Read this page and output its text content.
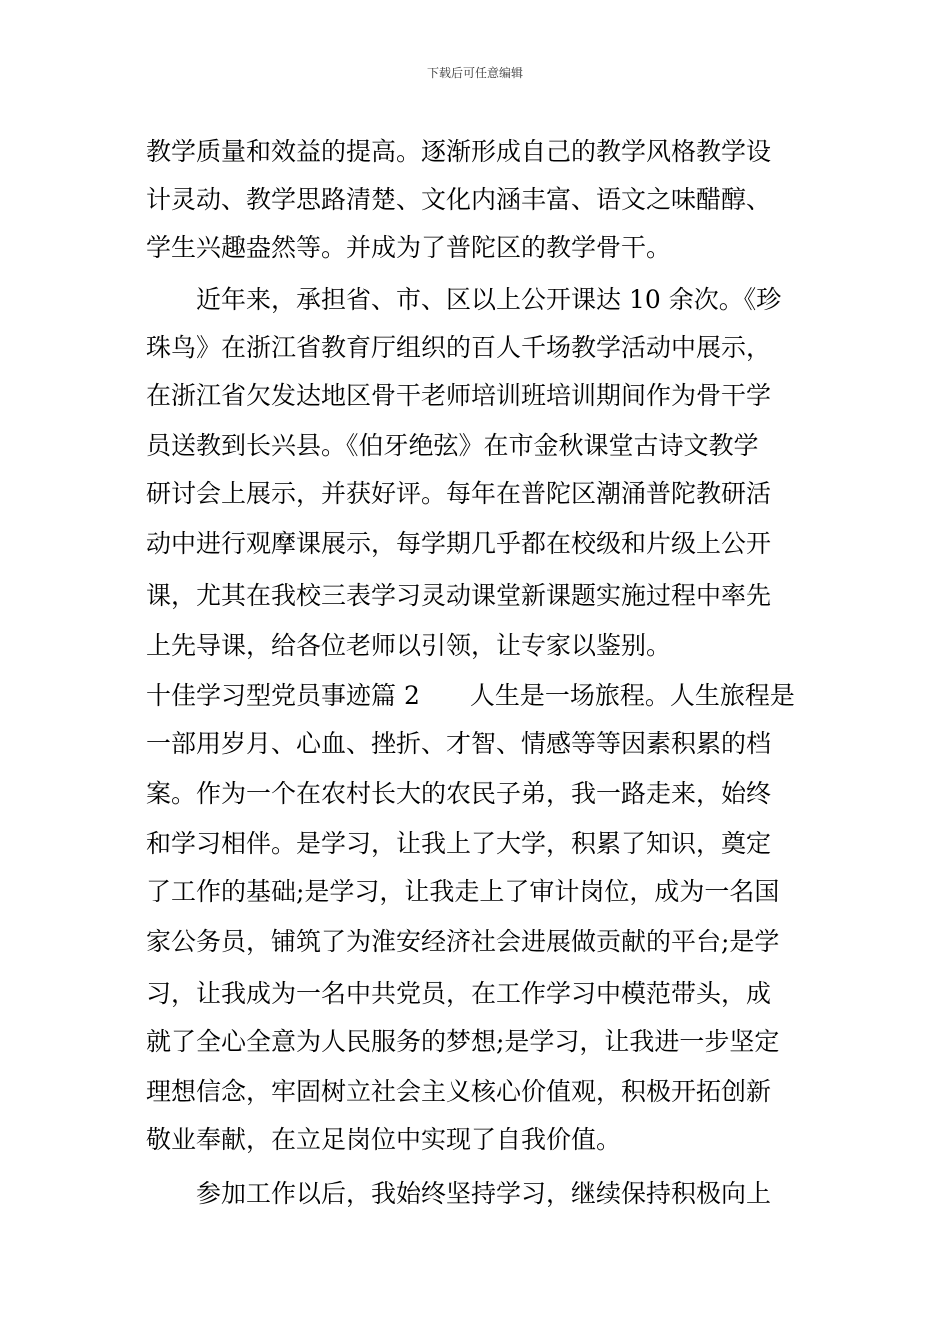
下载后可任意编辑
教学质量和效益的提高。逐渐形成自己的教学风格教学设
计灵动、教学思路清楚、文化内涵丰富、语文之味醋醇、
学生兴趣盎然等。并成为了普陀区的教学骨干。
近年来，承担省、市、区以上公开课达 10 余次。《珍
珠鸟》在浙江省教育厅组织的百人千场教学活动中展示，
在浙江省欠发达地区骨干老师培训班培训期间作为骨干学
员送教到长兴县。《伯牙绝弦》在市金秋课堂古诗文教学
研讨会上展示，并获好评。每年在普陀区潮涌普陀教研活
动中进行观摩课展示，每学期几乎都在校级和片级上公开
课，尤其在我校三表学习灵动课堂新课题实施过程中率先
上先导课，给各位老师以引领，让专家以鉴别。
十佳学习型党员事迹篇 2　　人生是一场旅程。人生旅程是
一部用岁月、心血、挫折、才智、情感等等因素积累的档
案。作为一个在农村长大的农民子弟，我一路走来，始终
和学习相伴。是学习，让我上了大学，积累了知识，奠定
了工作的基础;是学习，让我走上了审计岗位，成为一名国
家公务员，铺筑了为淮安经济社会进展做贡献的平台;是学
习，让我成为一名中共党员，在工作学习中模范带头，成
就了全心全意为人民服务的梦想;是学习，让我进一步坚定
理想信念，牢固树立社会主义核心价值观，积极开拓创新
敬业奉献，在立足岗位中实现了自我价值。
参加工作以后，我始终坚持学习，继续保持积极向上
